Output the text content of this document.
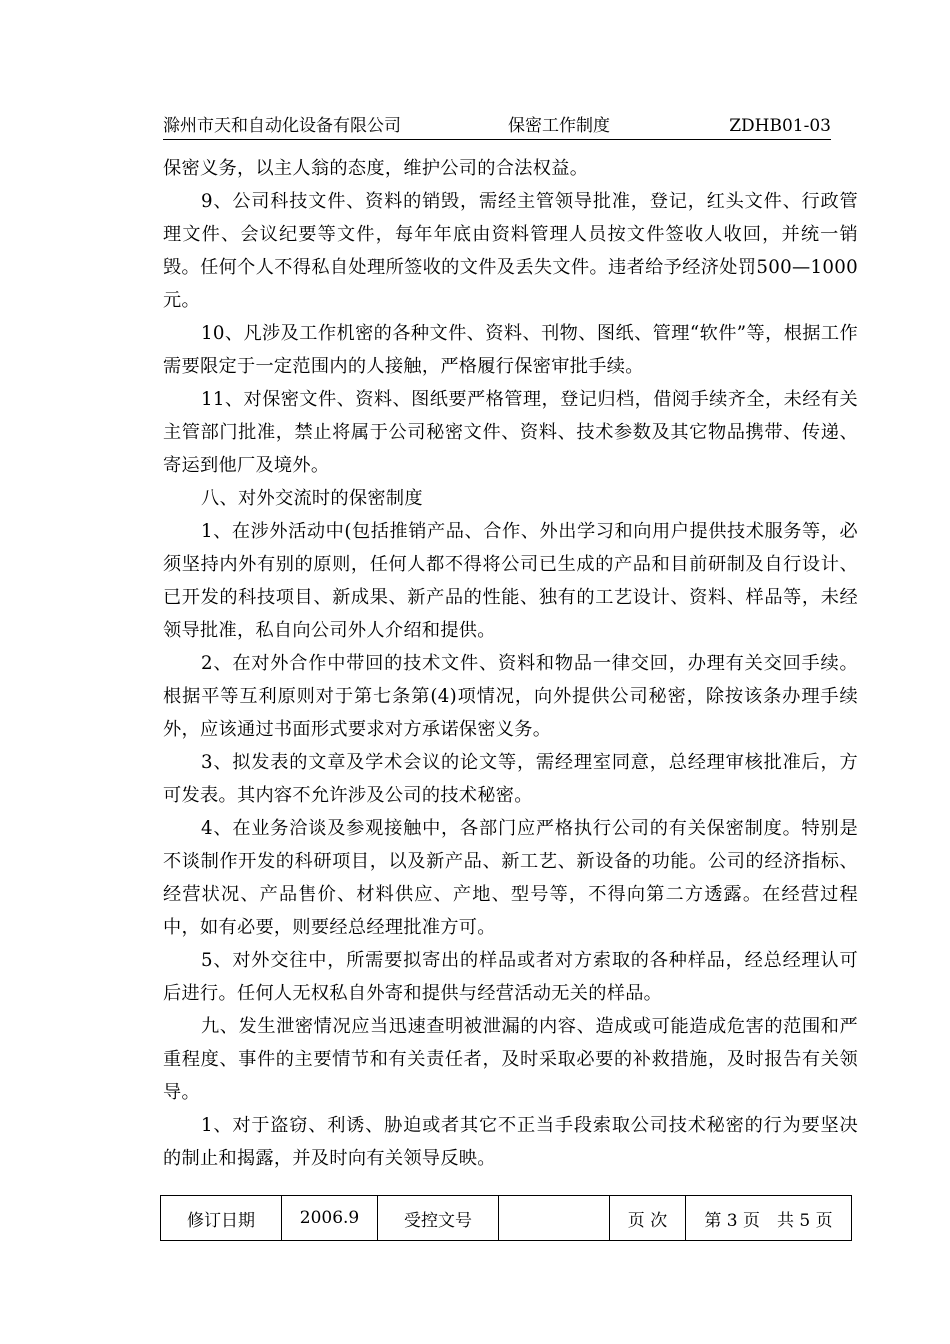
滁州市天和自动化设备有限公司	保密工作制度	ZDHB01-03

保密义务，以主人翁的态度，维护公司的合法权益。

9、公司科技文件、资料的销毁，需经主管领导批准，登记，红头文件、行政管理文件、会议纪要等文件，每年年底由资料管理人员按文件签收人收回，并统一销毁。任何个人不得私自处理所签收的文件及丢失文件。违者给予经济处罚500—1000元。

10、凡涉及工作机密的各种文件、资料、刊物、图纸、管理“软件”等，根据工作需要限定于一定范围内的人接触，严格履行保密审批手续。

11、对保密文件、资料、图纸要严格管理，登记归档，借阅手续齐全，未经有关主管部门批准，禁止将属于公司秘密文件、资料、技术参数及其它物品携带、传递、寄运到他厂及境外。

八、对外交流时的保密制度

1、在涉外活动中(包括推销产品、合作、外出学习和向用户提供技术服务等，必须坚持内外有别的原则，任何人都不得将公司已生成的产品和目前研制及自行设计、已开发的科技项目、新成果、新产品的性能、独有的工艺设计、资料、样品等，未经领导批准，私自向公司外人介绍和提供。

2、在对外合作中带回的技术文件、资料和物品一律交回，办理有关交回手续。根据平等互利原则对于第七条第(4)项情况，向外提供公司秘密，除按该条办理手续外，应该通过书面形式要求对方承诺保密义务。

3、拟发表的文章及学术会议的论文等，需经理室同意，总经理审核批准后，方可发表。其内容不允许涉及公司的技术秘密。

4、在业务洽谈及参观接触中，各部门应严格执行公司的有关保密制度。特别是不谈制作开发的科研项目，以及新产品、新工艺、新设备的功能。公司的经济指标、经营状况、产品售价、材料供应、产地、型号等，不得向第二方透露。在经营过程中，如有必要，则要经总经理批准方可。

5、对外交往中，所需要拟寄出的样品或者对方索取的各种样品，经总经理认可后进行。任何人无权私自外寄和提供与经营活动无关的样品。

九、发生泄密情况应当迅速查明被泄漏的内容、造成或可能造成危害的范围和严重程度、事件的主要情节和有关责任者，及时采取必要的补救措施，及时报告有关领导。

1、对于盗窃、利诱、胁迫或者其它不正当手段索取公司技术秘密的行为要坚决的制止和揭露，并及时向有关领导反映。

修订日期	2006.9	受控文号		页 次	第 3 页　共 5 页
